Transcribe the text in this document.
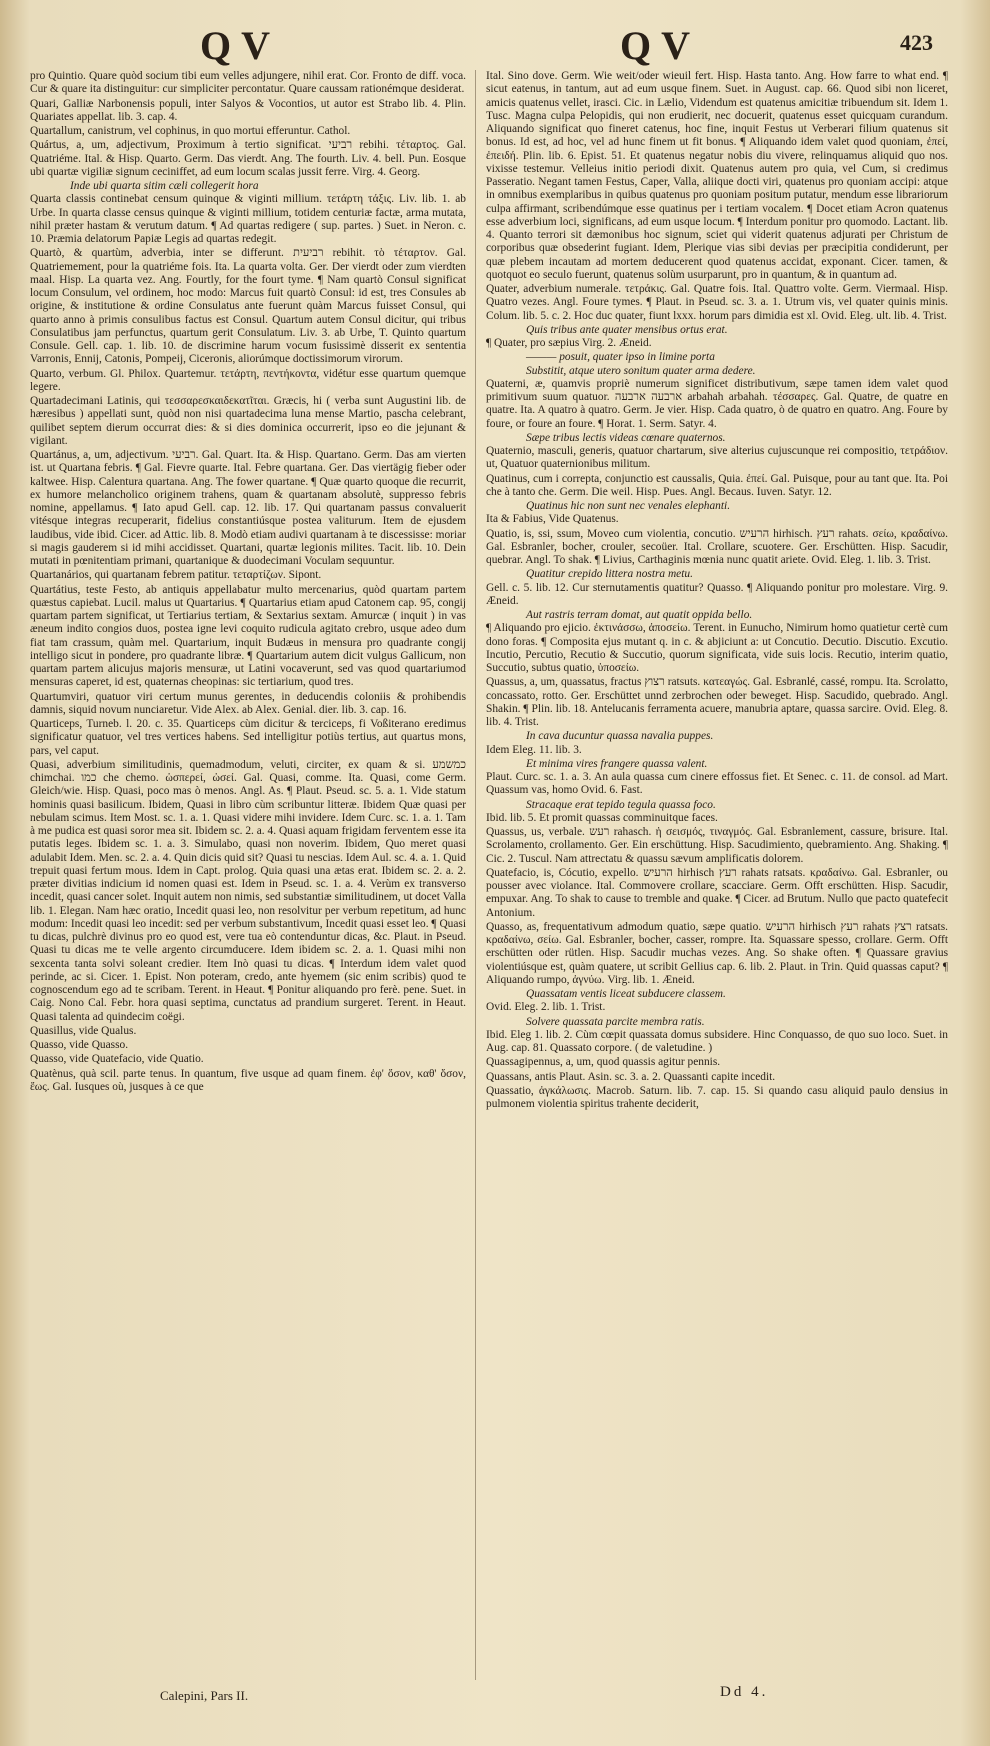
QV	QV	423

pro Quintio. Quare quòd socium tibi eum velles adjungere, nihil erat. Cor. Fronto de diff. voca. Cur & quare ita distinguitur: cur simpliciter percontatur. Quare caussam rationémque desiderat.

Quari, Galliæ Narbonensis populi, inter Salyos & Vocontios, ut autor est Strabo lib. 4. Plin. Quariates appellat. lib. 3. cap. 4.

Quartallum, canistrum, vel cophinus, in quo mortui efferuntur. Cathol.

Quártus, a, um, adjectivum, Proximum à tertio significat. רביעי rebihi. τέταρτος. Gal. Quatriéme. Ital. & Hisp. Quarto. Germ. Das vierdt. Ang. The fourth. Liv. 4. bell. Pun. Eosque ubi quartæ vigiliæ signum ceciniffet, ad eum locum scalas jussit ferre. Virg. 4. Georg.

Inde ubi quarta sitim cæli collegerit hora

Quarta classis continebat censum quinque & viginti millium. τετάρτη τάξις. Liv. lib. 1. ab Urbe. In quarta classe census quinque & viginti millium, totidem centuriæ factæ, arma mutata, nihil præter hastam & verutum datum. ¶ Ad quartas redigere ( sup. partes. ) Suet. in Neron. c. 10. Præmia delatorum Papiæ Legis ad quartas redegit.

Quartò, & quartùm, adverbia, inter se differunt. רביעית rebihit. τὸ τέταρτον. Gal. Quatriemement, pour la quatriéme fois. Ita. La quarta volta. Ger. Der vierdt oder zum vierdten maal. Hisp. La quarta vez. Ang. Fourtly, for the fourt tyme. ¶ Nam quartò Consul significat locum Consulum, vel ordinem, hoc modo: Marcus fuit quartò Consul: id est, tres Consules ab origine, & institutione & ordine Consulatus ante fuerunt quàm Marcus fuisset Consul, qui quarto anno à primis consulibus factus est Consul. Quartum autem Consul dicitur, qui tribus Consulatibus jam perfunctus, quartum gerit Consulatum. Liv. 3. ab Urbe, T. Quinto quartum Consule. Gell. cap. 1. lib. 10. de discrimine harum vocum fusissimè disserit ex sententia Varronis, Ennij, Catonis, Pompeij, Ciceronis, aliorúmque doctissimorum virorum.

Quarto, verbum. Gl. Philox. Quartemur. τετάρτη, πεντήκοντα, vidétur esse quartum quemque legere.

Quartadecimani Latinis, qui τεσσαρεσκαιδεκατῖται. Græcis, hi ( verba sunt Augustini lib. de hæresibus ) appellati sunt, quòd non nisi quartadecima luna mense Martio, pascha celebrant, quilibet septem dierum occurrat dies: & si dies dominica occurrerit, ipso eo die jejunant & vigilant.

Quartánus, a, um, adjectivum. רביעי. Gal. Quart. Ita. & Hisp. Quartano. Germ. Das am vierten ist. ut Quartana febris. ¶ Gal. Fievre quarte. Ital. Febre quartana. Ger. Das viertägig fieber oder kaltwee. Hisp. Calentura quartana. Ang. The fower quartane. ¶ Quæ quarto quoque die recurrit, ex humore melancholico originem trahens, quam & quartanam absolutè, suppresso febris nomine, appellamus. ¶ Iato apud Gell. cap. 12. lib. 17. Qui quartanam passus convaluerit vitésque integras recuperarit, fidelius constantiúsque postea valiturum. Item de ejusdem laudibus, vide ibid. Cicer. ad Attic. lib. 8. Modò etiam audivi quartanam à te discessisse: moriar si magis gauderem si id mihi accidisset. Quartani, quartæ legionis milites. Tacit. lib. 10. Dein mutati in pœnitentiam primani, quartanique & duodecimani Voculam sequuntur.

Quartanários, qui quartanam febrem patitur. τεταρτίζων. Sipont.

Quartátius, teste Festo, ab antiquis appellabatur multo mercenarius, quòd quartam partem quæstus capiebat. Lucil. malus ut Quartarius. ¶ Quartarius etiam apud Catonem cap. 95, congij quartam partem significat, ut Tertiarius tertiam, & Sextarius sextam. Amurcæ ( inquit ) in vas æneum indito congios duos, postea igne levi coquito rudicula agitato crebro, usque adeo dum fiat tam crassum, quàm mel. Quartarium, inquit Budæus in mensura pro quadrante congij intelligo sicut in pondere, pro quadrante libræ. ¶ Quartarium autem dicit vulgus Gallicum, non quartam partem alicujus majoris mensuræ, ut Latini vocaverunt, sed vas quod quartariumod mensuras caperet, id est, quaternas cheopinas: sic tertiarium, quod tres.

Quartumviri, quatuor viri certum munus gerentes, in deducendis coloniis & prohibendis damnis, siquid novum nunciaretur. Vide Alex. ab Alex. Genial. dier. lib. 3. cap. 16.

Quarticeps, Turneb. l. 20. c. 35. Quarticeps cùm dicitur & terciceps, fi Voßiterano eredimus significatur quatuor, vel tres vertices habens. Sed intelligitur potiùs tertius, aut quartus mons, pars, vel caput.

Quasi, adverbium similitudinis, quemadmodum, veluti, circiter, ex quam & si. כמשמע chimchai. כמו che chemo. ὡσπερεί, ὡσεί. Gal. Quasi, comme. Ita. Quasi, come Germ. Gleich/wie. Hisp. Quasi, poco mas ò menos. Angl. As. ¶ Plaut. Pseud. sc. 5. a. 1. Vide statum hominis quasi basilicum. Ibidem, Quasi in libro cùm scribuntur litteræ. Ibidem Quæ quasi per nebulam scimus. Item Most. sc. 1. a. 1. Quasi videre mihi invidere. Idem Curc. sc. 1. a. 1. Tam à me pudica est quasi soror mea sit. Ibidem sc. 2. a. 4. Quasi aquam frigidam ferventem esse ita putatis leges. Ibidem sc. 1. a. 3. Simulabo, quasi non noverim. Ibidem, Quo meret quasi adulabit Idem. Men. sc. 2. a. 4. Quin dicis quid sit? Quasi tu nescias. Idem Aul. sc. 4. a. 1. Quid trepuit quasi fertum mous. Idem in Capt. prolog. Quia quasi una ætas erat. Ibidem sc. 2. a. 2. præter divitias indicium id nomen quasi est. Idem in Pseud. sc. 1. a. 4. Verùm ex transverso incedit, quasi cancer solet. Inquit autem non nimis, sed substantiæ similitudinem, ut docet Valla lib. 1. Elegan. Nam hæc oratio, Incedit quasi leo, non resolvitur per verbum repetitum, ad hunc modum: Incedit quasi leo incedit: sed per verbum substantivum, Incedit quasi esset leo. ¶ Quasi tu dicas, pulchrè divinus pro eo quod est, vere tua eò contenduntur dicas, &c. Plaut. in Pseud. Quasi tu dicas me te velle argento circumducere. Idem ibidem sc. 2. a. 1. Quasi mihi non sexcenta tanta solvi soleant credier. Item Inò quasi tu dicas. ¶ Interdum idem valet quod perinde, ac si. Cicer. 1. Epist. Non poteram, credo, ante hyemem (sic enim scribis) quod te cognoscendum ego ad te scribam. Terent. in Heaut. ¶ Ponitur aliquando pro ferè. pene. Suet. in Caig. Nono Cal. Febr. hora quasi septima, cunctatus ad prandium surgeret. Terent. in Heaut. Quasi talenta ad quindecim coëgi.

Quasillus, vide Qualus.

Quasso, vide Quasso.

Quasso, vide Quatefacio, vide Quatio.

Quatènus, quà scil. parte tenus. In quantum, five usque ad quam finem. ἐφ' ὅσον, καθ' ὅσον, ἕως. Gal. Iusques où, jusques à ce que

Ital. Sino dove. Germ. Wie weit/oder wieuil fert. Hisp. Hasta tanto. Ang. How farre to what end. ¶ sicut eatenus, in tantum, aut ad eum usque finem. Suet. in August. cap. 66. Quod sibi non liceret, amicis quatenus vellet, irasci. Cic. in Lælio, Videndum est quatenus amicitiæ tribuendum sit. Idem 1. Tusc. Magna culpa Pelopidis, qui non erudierit, nec docuerit, quatenus esset quicquam curandum. Aliquando significat quo fineret catenus, hoc fine, inquit Festus ut Verberari filium quatenus sit bonus. Id est, ad hoc, vel ad hunc finem ut fit bonus. ¶ Aliquando idem valet quod quoniam, ἐπεί, ἐπειδή. Plin. lib. 6. Epist. 51. Et quatenus negatur nobis diu vivere, relinquamus aliquid quo nos. vixisse testemur. Velleius initio periodi dixit. Quatenus autem pro quia, vel Cum, si credimus Passeratio. Negant tamen Festus, Caper, Valla, aliique docti viri, quatenus pro quoniam accipi: atque in omnibus exemplaribus in quibus quatenus pro quoniam positum putatur, mendum esse librariorum culpa affirmant, scribendúmque esse quatinus per i tertiam vocalem. ¶ Docet etiam Acron quatenus esse adverbium loci, significans, ad eum usque locum. ¶ Interdum ponitur pro quomodo. Lactant. lib. 4. Quanto terrori sit dæmonibus hoc signum, sciet qui viderit quatenus adjurati per Christum de corporibus quæ obsederint fugiant. Idem, Plerique vias sibi devias per præcipitia condiderunt, per quæ plebem incautam ad mortem deducerent quod quatenus accidat, exponant. Cicer. tamen, & quotquot eo seculo fuerunt, quatenus solùm usurparunt, pro in quantum, & in quantum ad.

Quater, adverbium numerale. τετράκις. Gal. Quatre fois. Ital. Quattro volte. Germ. Viermaal. Hisp. Quatro vezes. Angl. Foure tymes. ¶ Plaut. in Pseud. sc. 3. a. 1. Utrum vis, vel quater quinis minis. Colum. lib. 5. c. 2. Hoc duc quater, fiunt lxxx. horum pars dimidia est xl. Ovid. Eleg. ult. lib. 4. Trist.

Quis tribus ante quater mensibus ortus erat.

¶ Quater, pro sæpius Virg. 2. Æneid.

——— posuit, quater ipso in limine porta

Substitit, atque utero sonitum quater arma dedere.

Quaterni, æ, quamvis propriè numerum significet distributivum, sæpe tamen idem valet quod primitivum suum quatuor. ארבעה ארבעה arbahah arbahah. τέσσαρες. Gal. Quatre, de quatre en quatre. Ita. A quatro à quatro. Germ. Je vier. Hisp. Cada quatro, ò de quatro en quatro. Ang. Foure by foure, or foure an foure. ¶ Horat. 1. Serm. Satyr. 4.

Sæpe tribus lectis videas cœnare quaternos.

Quaternio, masculi, generis, quatuor chartarum, sive alterius cujuscunque rei compositio, τετράδιον. ut, Quatuor quaternionibus militum.

Quatinus, cum i correpta, conjunctio est caussalis, Quia. ἐπεί. Gal. Puisque, pour au tant que. Ita. Poi che à tanto che. Germ. Die weil. Hisp. Pues. Angl. Becaus. Iuven. Satyr. 12.

Quatinus hic non sunt nec venales elephanti.

Ita & Fabius, Vide Quatenus.

Quatio, is, ssi, ssum, Moveo cum violentia, concutio. הרעיש hirhisch. רעץ rahats. σείω, κραδαίνω. Gal. Esbranler, bocher, crouler, secoüer. Ital. Crollare, scuotere. Ger. Erschütten. Hisp. Sacudir, quebrar. Angl. To shak. ¶ Livius, Carthaginis mœnia nunc quatit ariete. Ovid. Eleg. 1. lib. 3. Trist.

Quatitur crepido littera nostra metu.

Gell. c. 5. lib. 12. Cur sternutamentis quatitur? Quasso. ¶ Aliquando ponitur pro molestare. Virg. 9. Æneid.

Aut rastris terram domat, aut quatit oppida bello.

¶ Aliquando pro ejicio. ἐκτινάσσω, ἀποσείω. Terent. in Eunucho, Nimirum homo quatietur certè cum dono foras. ¶ Composita ejus mutant q. in c. & abjiciunt a: ut Concutio. Decutio. Discutio. Excutio. Incutio, Percutio, Recutio & Succutio, quorum significata, vide suis locis. Recutio, interim quatio, Succutio, subtus quatio, ὑποσείω.

Quassus, a, um, quassatus, fractus רצוץ ratsuts. κατεαγώς. Gal. Esbranlé, cassé, rompu. Ita. Scrolatto, concassato, rotto. Ger. Erschüttet unnd zerbrochen oder beweget. Hisp. Sacudido, quebrado. Angl. Shakin. ¶ Plin. lib. 18. Antelucanis ferramenta acuere, manubria aptare, quassa sarcire. Ovid. Eleg. 8. lib. 4. Trist.

In cava ducuntur quassa navalia puppes.

Idem Eleg. 11. lib. 3.

Et minima vires frangere quassa valent.

Plaut. Curc. sc. 1. a. 3. An aula quassa cum cinere effossus fiet. Et Senec. c. 11. de consol. ad Mart. Quassum vas, homo Ovid. 6. Fast.

Stracaque erat tepido tegula quassa foco.

Ibid. lib. 5. Et promit quassas comminuitque faces.

Quassus, us, verbale. רעש rahasch. ἡ σεισμός, τιναγμός. Gal. Esbranlement, cassure, brisure. Ital. Scrolamento, crollamento. Ger. Ein erschüttung. Hisp. Sacudimiento, quebramiento. Ang. Shaking. ¶ Cic. 2. Tuscul. Nam attrectatu & quassu sævum amplificatis dolorem.

Quatefacio, is, Cócutio, expello. הרעיש hirhisch רעץ rahats ratsats. κραδαίνω. Gal. Esbranler, ou pousser avec violance. Ital. Commovere crollare, scacciare. Germ. Offt erschütten. Hisp. Sacudir, empuxar. Ang. To shak to cause to tremble and quake. ¶ Cicer. ad Brutum. Nullo que pacto quatefecit Antonium.

Quasso, as, frequentativum admodum quatio, sæpe quatio. הרעיש hirhisch רעץ rahats רצץ ratsats. κραδαίνω, σείω. Gal. Esbranler, bocher, casser, rompre. Ita. Squassare spesso, crollare. Germ. Offt erschütten oder rütlen. Hisp. Sacudir muchas vezes. Ang. So shake often. ¶ Quassare gravius violentiúsque est, quàm quatere, ut scribit Gellius cap. 6. lib. 2. Plaut. in Trin. Quid quassas caput? ¶ Aliquando rumpo, ἀγνύω. Virg. lib. 1. Æneid.

Quassatam ventis liceat subducere classem.

Ovid. Eleg. 2. lib. 1. Trist.

Solvere quassata parcite membra ratis.

Ibid. Eleg 1. lib. 2. Cùm cœpit quassata domus subsidere. Hinc Conquasso, de quo suo loco. Suet. in Aug. cap. 81. Quassato corpore. ( de valetudine. )

Quassagipennus, a, um, quod quassis agitur pennis.

Quassans, antis Plaut. Asin. sc. 3. a. 2. Quassanti capite incedit.

Quassatio, ἀγκάλωσις. Macrob. Saturn. lib. 7. cap. 15. Si quando casu aliquid paulo densius in pulmonem violentia spiritus trahente deciderit,

Calepini, Pars II.	Dd 4.
